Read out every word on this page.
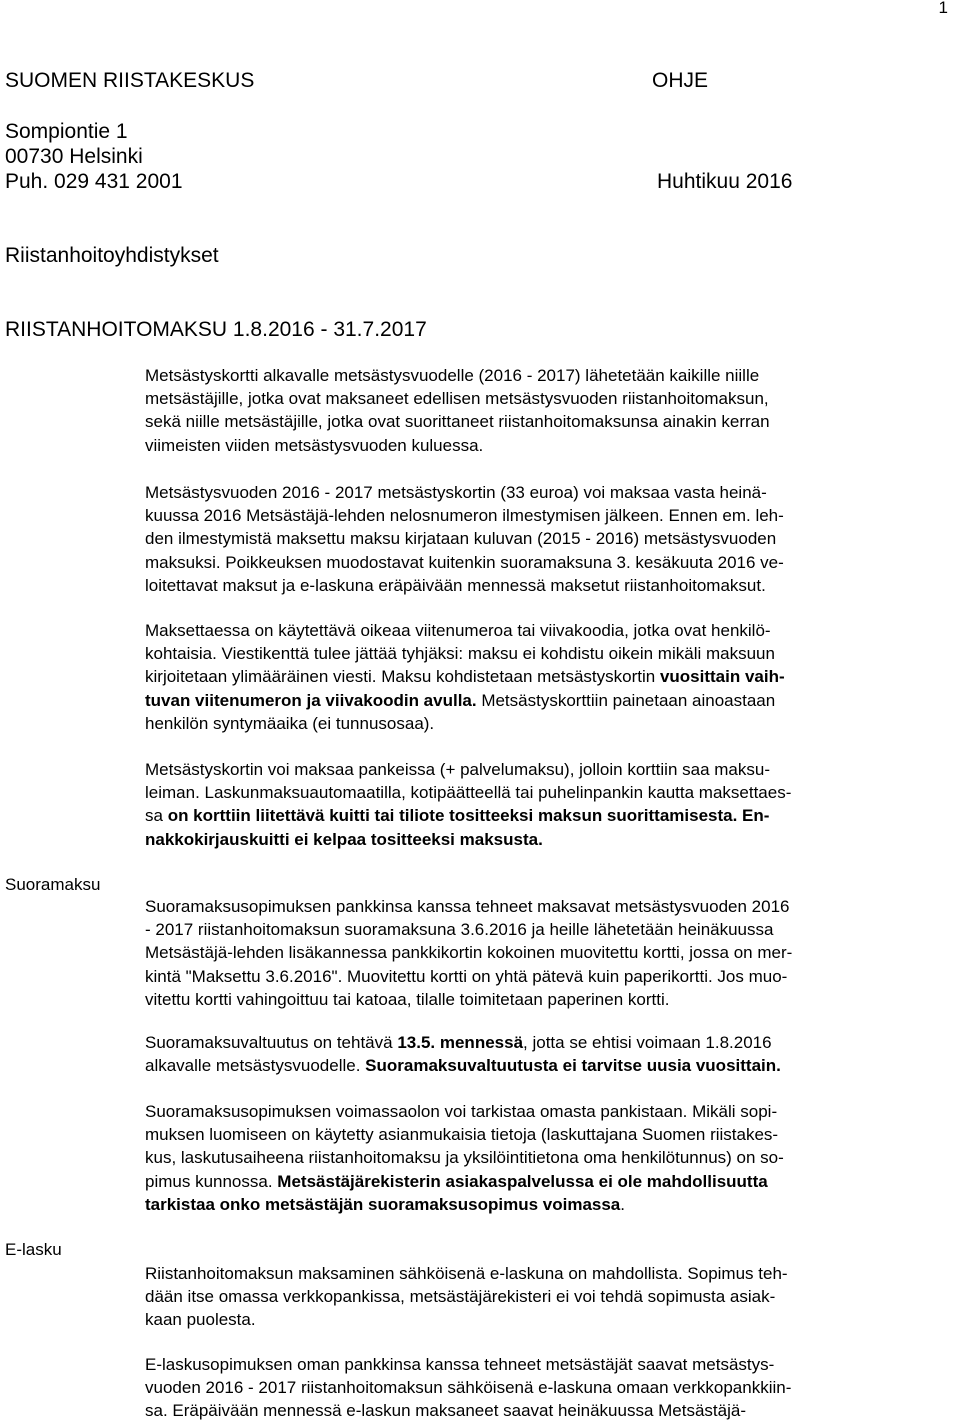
1
SUOMEN RIISTAKESKUS	OHJE
Sompiontie 1
00730 Helsinki
Puh. 029 431 2001	Huhtikuu 2016
Riistanhoitoyhdistykset
RIISTANHOITOMAKSU 1.8.2016 - 31.7.2017
Metsästyskortti alkavalle metsästysvuodelle (2016 - 2017) lähetetään kaikille niille
metsästäjille, jotka ovat maksaneet edellisen metsästysvuoden riistanhoitomaksun,
sekä niille metsästäjille, jotka ovat suorittaneet riistanhoitomaksunsa ainakin kerran
viimeisten viiden metsästysvuoden kuluessa.
Metsästysvuoden 2016 - 2017 metsästyskortin (33 euroa) voi maksaa vasta heinä-
kuussa 2016 Metsästäjä-lehden nelosnumeron ilmestymisen jälkeen. Ennen em. leh-
den ilmestymistä maksettu maksu kirjataan kuluvan (2015 - 2016) metsästysvuoden
maksuksi. Poikkeuksen muodostavat kuitenkin suoramaksuna 3. kesäkuuta 2016 ve-
loitettavat maksut ja e-laskuna eräpäivään mennessä maksetut riistanhoitomaksut.
Maksettaessa on käytettävä oikeaa viitenumeroa tai viivakoodia, jotka ovat henkilö-
kohtaisia. Viestikenttä tulee jättää tyhjäksi: maksu ei kohdistu oikein mikäli maksuun
kirjoitetaan ylimääräinen viesti. Maksu kohdistetaan metsästyskortin vuosittain vaih-
tuvan viitenumeron ja viivakoodin avulla. Metsästyskorttiin painetaan ainoastaan
henkilön syntymäaika (ei tunnusosaa).
Metsästyskortin voi maksaa pankeissa (+ palvelumaksu), jolloin korttiin saa maksu-
leiman. Laskunmaksuautomaatilla, kotipäätteellä tai puhelinpankin kautta maksettaes-
sa on korttiin liitettävä kuitti tai tiliote tositteeksi maksun suorittamisesta. En-
nakkokirjauskuitti ei kelpaa tositteeksi maksusta.
Suoramaksu
Suoramaksusopimuksen pankkinsa kanssa tehneet maksavat metsästysvuoden 2016
- 2017 riistanhoitomaksun suoramaksuna 3.6.2016 ja heille lähetetään heinäkuussa
Metsästäjä-lehden lisäkannessa pankkikortin kokoinen muovitettu kortti, jossa on mer-
kintä "Maksettu 3.6.2016". Muovitettu kortti on yhtä pätevä kuin paperikortti. Jos muo-
vitettu kortti vahingoittuu tai katoaa, tilalle toimitetaan paperinen kortti.
Suoramaksuvaltuutus on tehtävä 13.5. mennessä, jotta se ehtisi voimaan 1.8.2016
alkavalle metsästysvuodelle. Suoramaksuvaltuutusta ei tarvitse uusia vuosittain.
Suoramaksusopimuksen voimassaolon voi tarkistaa omasta pankistaan. Mikäli sopi-
muksen luomiseen on käytetty asianmukaisia tietoja (laskuttajana Suomen riistakes-
kus, laskutusaiheena riistanhoitomaksu ja yksilöintitietona oma henkilötunnus) on so-
pimus kunnossa. Metsästäjärekisterin asiakaspalvelussa ei ole mahdollisuutta
tarkistaa onko metsästäjän suoramaksusopimus voimassa.
E-lasku
Riistanhoitomaksun maksaminen sähköisenä e-laskuna on mahdollista. Sopimus teh-
dään itse omassa verkkopankissa, metsästäjärekisteri ei voi tehdä sopimusta asiak-
kaan puolesta.
E-laskusopimuksen oman pankkinsa kanssa tehneet metsästäjät saavat metsästys-
vuoden 2016 - 2017 riistanhoitomaksun sähköisenä e-laskuna omaan verkkopankkiin-
sa. Eräpäivään mennessä e-laskun maksaneet saavat heinäkuussa Metsästäjä-
